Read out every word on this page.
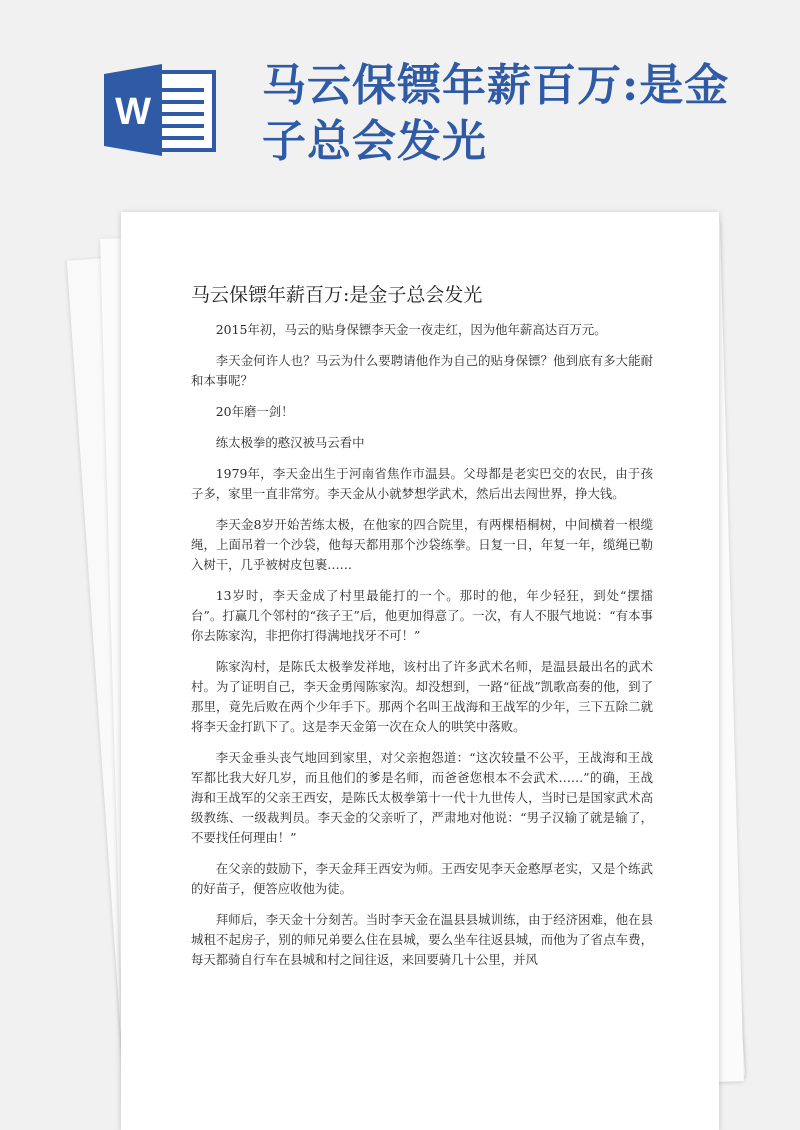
W
马云保镖年薪百万:是金子总会发光
马云保镖年薪百万:是金子总会发光

2015年初，马云的贴身保镖李天金一夜走红，因为他年薪高达百万元。

李天金何许人也？马云为什么要聘请他作为自己的贴身保镖？他到底有多大能耐和本事呢？

20年磨一剑！

练太极拳的憨汉被马云看中

1979年，李天金出生于河南省焦作市温县。父母都是老实巴交的农民，由于孩子多，家里一直非常穷。李天金从小就梦想学武术，然后出去闯世界，挣大钱。

李天金8岁开始苦练太极，在他家的四合院里，有两棵梧桐树，中间横着一根缆绳，上面吊着一个沙袋，他每天都用那个沙袋练拳。日复一日，年复一年，缆绳已勒入树干，几乎被树皮包裹……

13岁时，李天金成了村里最能打的一个。那时的他，年少轻狂，到处“摆擂台”。打赢几个邻村的“孩子王”后，他更加得意了。一次，有人不服气地说：“有本事你去陈家沟，非把你打得满地找牙不可！”

陈家沟村，是陈氏太极拳发祥地，该村出了许多武术名师，是温县最出名的武术村。为了证明自己，李天金勇闯陈家沟。却没想到，一路“征战”凯歌高奏的他，到了那里，竟先后败在两个少年手下。那两个名叫王战海和王战军的少年，三下五除二就将李天金打趴下了。这是李天金第一次在众人的哄笑中落败。

李天金垂头丧气地回到家里，对父亲抱怨道：“这次较量不公平，王战海和王战军都比我大好几岁，而且他们的爹是名师，而爸爸您根本不会武术……”的确，王战海和王战军的父亲王西安，是陈氏太极拳第十一代十九世传人，当时已是国家武术高级教练、一级裁判员。李天金的父亲听了，严肃地对他说：“男子汉输了就是输了，不要找任何理由！”

在父亲的鼓励下，李天金拜王西安为师。王西安见李天金憨厚老实，又是个练武的好苗子，便答应收他为徒。

拜师后，李天金十分刻苦。当时李天金在温县县城训练，由于经济困难，他在县城租不起房子，别的师兄弟要么住在县城，要么坐车往返县城，而他为了省点车费，每天都骑自行车在县城和村之间往返，来回要骑几十公里，并风
